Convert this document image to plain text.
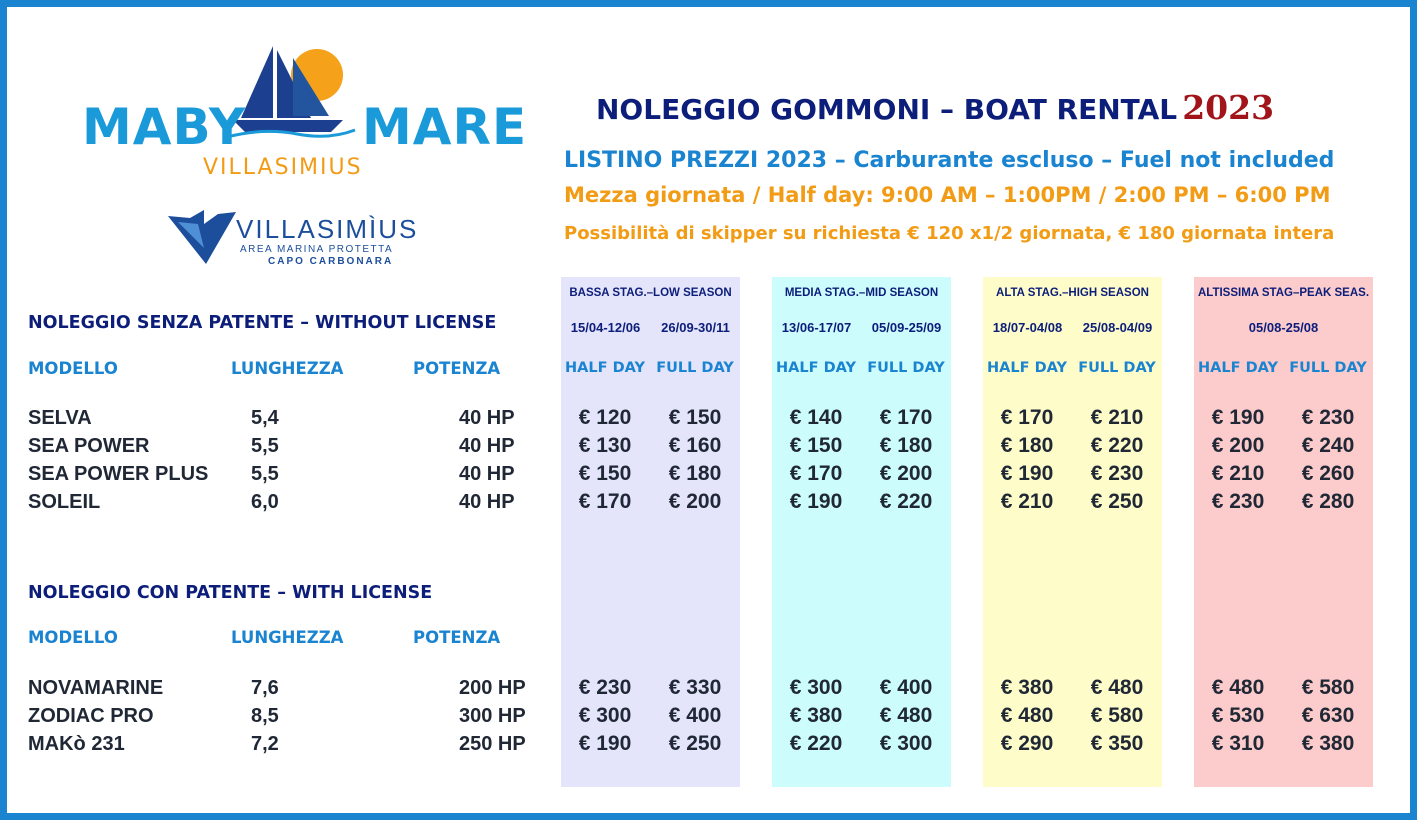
MABY MARE
VILLASIMIUS
VILLASIMÌUS
AREA MARINA PROTETTA
CAPO CARBONARA
NOLEGGIO GOMMONI – BOAT RENTAL 2023
LISTINO PREZZI 2023 – Carburante escluso – Fuel not included
Mezza giornata / Half day: 9:00 AM – 1:00PM / 2:00 PM – 6:00 PM
Possibilità di skipper su richiesta € 120 x1/2 giornata, € 180 giornata intera
BASSA STAG.–LOW SEASON
15/04-12/06	26/09-30/11
HALF DAY FULL DAY
MEDIA STAG.–MID SEASON
13/06-17/07	05/09-25/09
HALF DAY FULL DAY
ALTA STAG.–HIGH SEASON
18/07-04/08	25/08-04/09
HALF DAY FULL DAY
ALTISSIMA STAG–PEAK SEAS.
05/08-25/08
HALF DAY FULL DAY
NOLEGGIO SENZA PATENTE – WITHOUT LICENSE
MODELLO	LUNGHEZZA	POTENZA
SELVA	5,4	40 HP	€ 120	€ 150	€ 140	€ 170	€ 170	€ 210	€ 190	€ 230
SEA POWER	5,5	40 HP	€ 130	€ 160	€ 150	€ 180	€ 180	€ 220	€ 200	€ 240
SEA POWER PLUS 5,5	40 HP	€ 150	€ 180	€ 170	€ 200	€ 190	€ 230	€ 210	€ 260
SOLEIL	6,0	40 HP	€ 170	€ 200	€ 190	€ 220	€ 210	€ 250	€ 230	€ 280
NOLEGGIO CON PATENTE – WITH LICENSE
MODELLO	LUNGHEZZA	POTENZA
NOVAMARINE	7,6	200 HP	€ 230	€ 330	€ 300	€ 400	€ 380	€ 480	€ 480	€ 580
ZODIAC PRO	8,5	300 HP	€ 300	€ 400	€ 380	€ 480	€ 480	€ 580	€ 530	€ 630
MAKò 231	7,2	250 HP	€ 190	€ 250	€ 220	€ 300	€ 290	€ 350	€ 310	€ 380
